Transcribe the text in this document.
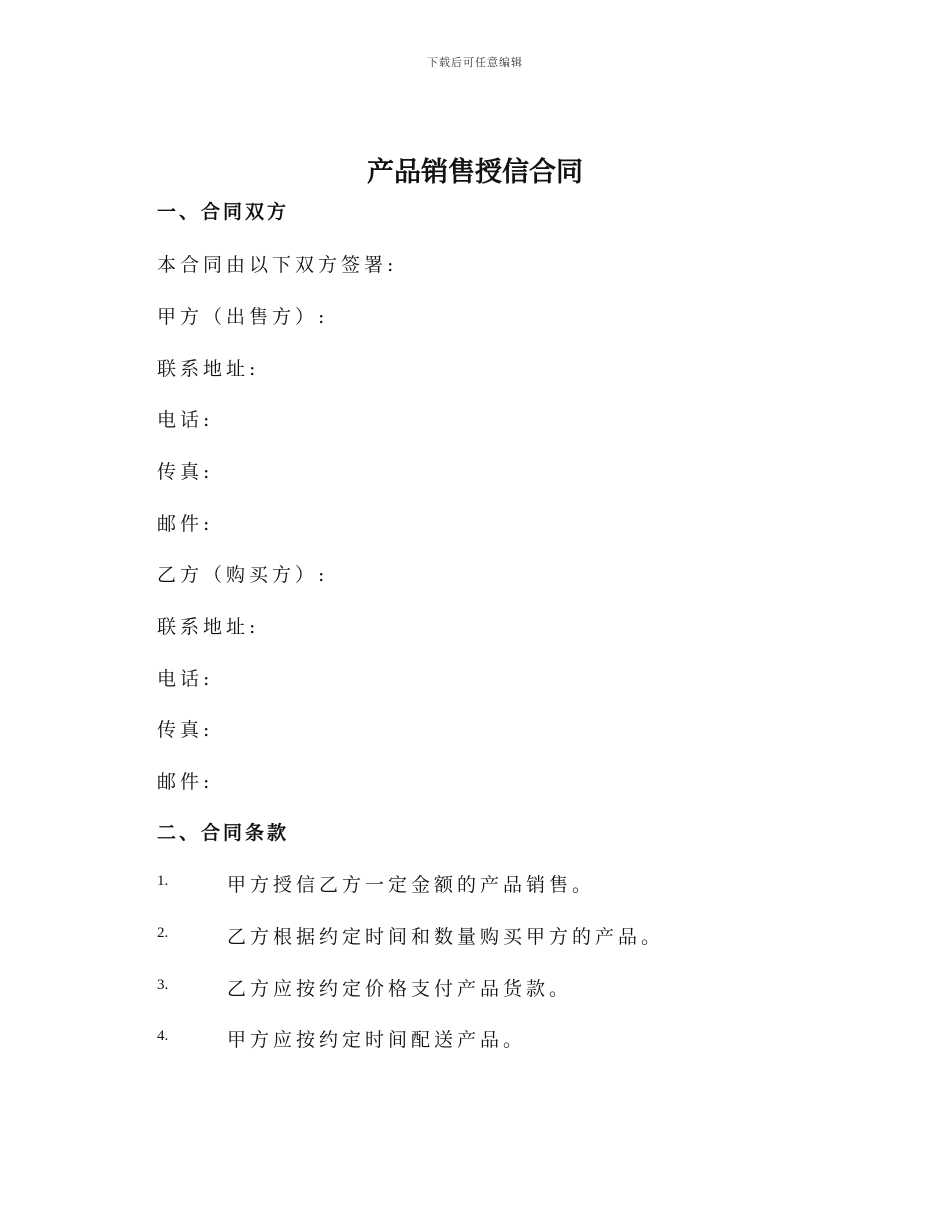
下载后可任意编辑
产品销售授信合同
一、合同双方
本合同由以下双方签署:
甲方（出售方）:
联系地址:
电话:
传真:
邮件:
乙方（购买方）:
联系地址:
电话:
传真:
邮件:
二、合同条款
1.	甲方授信乙方一定金额的产品销售。
2.	乙方根据约定时间和数量购买甲方的产品。
3.	乙方应按约定价格支付产品货款。
4.	甲方应按约定时间配送产品。
